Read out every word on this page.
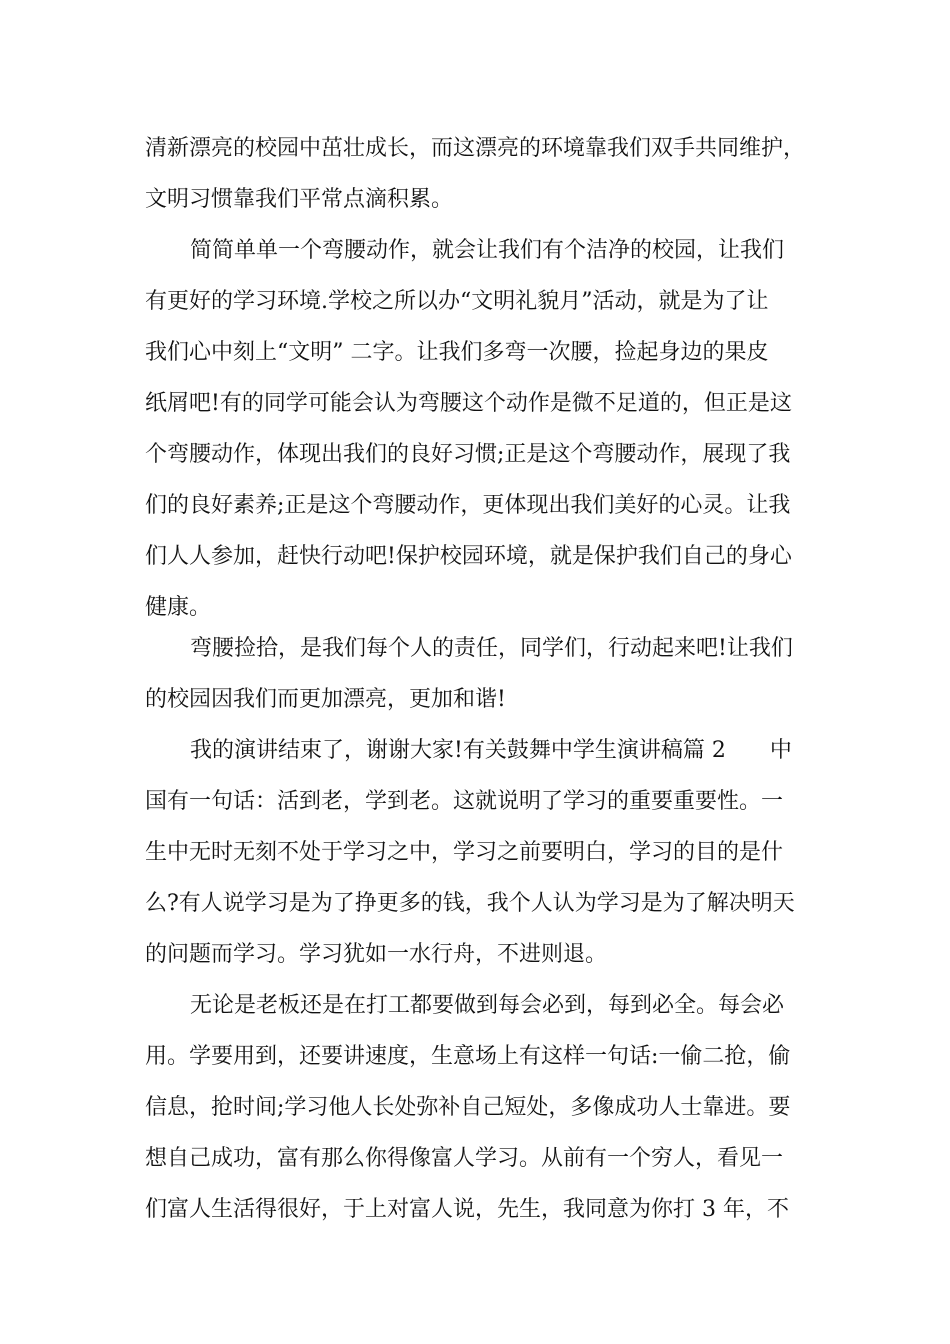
清新漂亮的校园中茁壮成长，而这漂亮的环境靠我们双手共同维护，
文明习惯靠我们平常点滴积累。
简简单单一个弯腰动作，就会让我们有个洁净的校园，让我们
有更好的学习环境.学校之所以办“文明礼貌月”活动，就是为了让
我们心中刻上“文明” 二字。让我们多弯一次腰，捡起身边的果皮
纸屑吧!有的同学可能会认为弯腰这个动作是微不足道的，但正是这
个弯腰动作，体现出我们的良好习惯;正是这个弯腰动作，展现了我
们的良好素养;正是这个弯腰动作，更体现出我们美好的心灵。让我
们人人参加，赶快行动吧!保护校园环境，就是保护我们自己的身心
健康。
弯腰捡拾，是我们每个人的责任，同学们，行动起来吧!让我们
的校园因我们而更加漂亮，更加和谐!
我的演讲结束了，谢谢大家!有关鼓舞中学生演讲稿篇 2　　中
国有一句话：活到老，学到老。这就说明了学习的重要重要性。一
生中无时无刻不处于学习之中，学习之前要明白，学习的目的是什
么?有人说学习是为了挣更多的钱，我个人认为学习是为了解决明天
的问题而学习。学习犹如一水行舟，不进则退。
无论是老板还是在打工都要做到每会必到，每到必全。每会必
用。学要用到，还要讲速度，生意场上有这样一句话:一偷二抢，偷
信息，抢时间;学习他人长处弥补自己短处，多像成功人士靠进。要
想自己成功，富有那么你得像富人学习。从前有一个穷人，看见一
们富人生活得很好，于上对富人说，先生，我同意为你打 3 年，不
